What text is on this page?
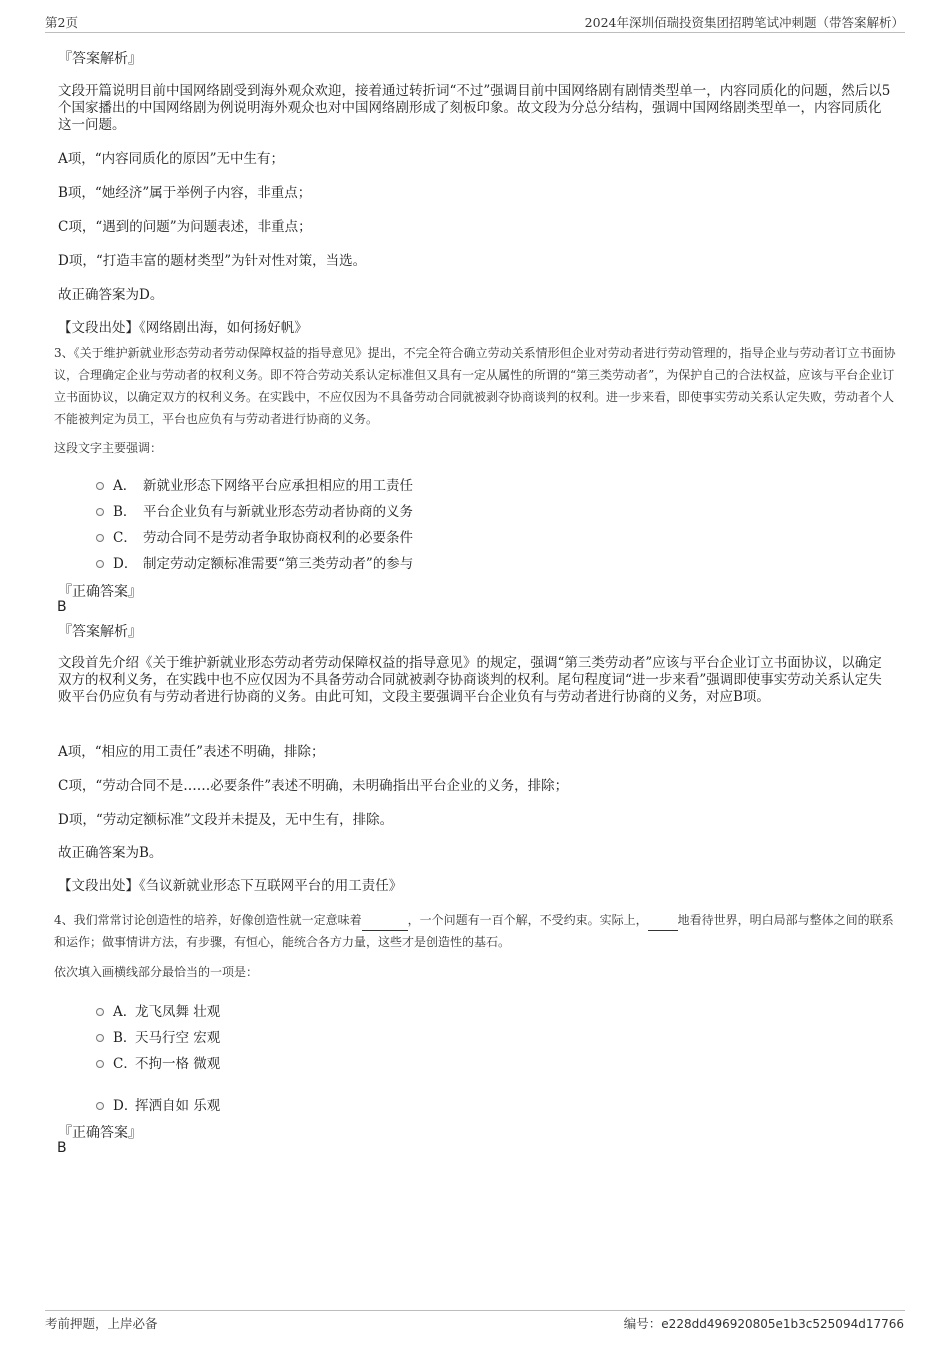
第2页	2024年深圳佰瑞投资集团招聘笔试冲刺题（带答案解析）
『答案解析』
文段开篇说明目前中国网络剧受到海外观众欢迎，接着通过转折词“不过”强调目前中国网络剧有剧情类型单一，内容同质化的问题，然后以5个国家播出的中国网络剧为例说明海外观众也对中国网络剧形成了刻板印象。故文段为分总分结构，强调中国网络剧类型单一，内容同质化这一问题。
A项，“内容同质化的原因”无中生有；
B项，“她经济”属于举例子内容，非重点；
C项，“遇到的问题”为问题表述，非重点；
D项，“打造丰富的题材类型”为针对性对策，当选。
故正确答案为D。
【文段出处】《网络剧出海，如何扬好帆》
3、《关于维护新就业形态劳动者劳动保障权益的指导意见》提出，不完全符合确立劳动关系情形但企业对劳动者进行劳动管理的，指导企业与劳动者订立书面协议，合理确定企业与劳动者的权利义务。即不符合劳动关系认定标准但又具有一定从属性的所谓的“第三类劳动者”，为保护自己的合法权益，应该与平台企业订立书面协议，以确定双方的权利义务。在实践中，不应仅因为不具备劳动合同就被剥夺协商谈判的权利。进一步来看，即使事实劳动关系认定失败，劳动者个人不能被判定为员工，平台也应负有与劳动者进行协商的义务。
这段文字主要强调：
A． 新就业形态下网络平台应承担相应的用工责任
B． 平台企业负有与新就业形态劳动者协商的义务
C． 劳动合同不是劳动者争取协商权利的必要条件
D． 制定劳动定额标准需要“第三类劳动者”的参与
『正确答案』
B
『答案解析』
文段首先介绍《关于维护新就业形态劳动者劳动保障权益的指导意见》的规定，强调“第三类劳动者”应该与平台企业订立书面协议，以确定双方的权利义务，在实践中也不应仅因为不具备劳动合同就被剥夺协商谈判的权利。尾句程度词“进一步来看”强调即使事实劳动关系认定失败平台仍应负有与劳动者进行协商的义务。由此可知，文段主要强调平台企业负有与劳动者进行协商的义务，对应B项。
A项，“相应的用工责任”表述不明确，排除；
C项，“劳动合同不是……必要条件”表述不明确，未明确指出平台企业的义务，排除；
D项，“劳动定额标准”文段并未提及，无中生有，排除。
故正确答案为B。
【文段出处】《刍议新就业形态下互联网平台的用工责任》
4、我们常常讨论创造性的培养，好像创造性就一定意味着	，一个问题有一百个解，不受约束。实际上，	地看待世界，明白局部与整体之间的联系和运作；做事情讲方法，有步骤，有恒心，能统合各方力量，这些才是创造性的基石。
依次填入画横线部分最恰当的一项是：
A．
龙飞凤舞 壮观
B．
天马行空 宏观
C．
不拘一格 微观
D．
挥洒自如 乐观
『正确答案』
B
考前押题，上岸必备	编号：e228dd496920805e1b3c525094d17766
